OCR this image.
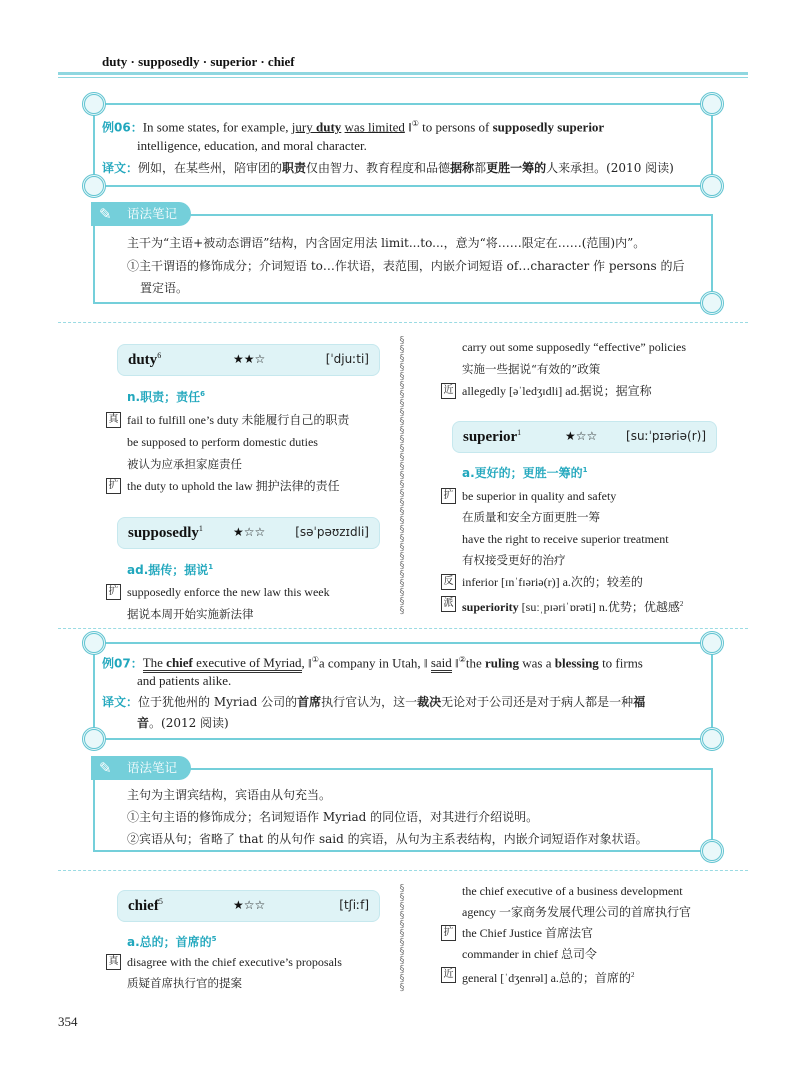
duty · supposedly · superior · chief
例06：In some states, for example, jury duty was limited ‖① to persons of supposedly superior
intelligence, education, and moral character.
译文：例如，在某些州，陪审团的职责仅由智力、教育程度和品德据称都更胜一筹的人来承担。(2010 阅读)
✎	语法笔记
主干为“主语+被动态谓语”结构，内含固定用法 limit...to...，意为“将……限定在……(范围)内”。
①主干谓语的修饰成分；介词短语 to…作状语，表范围，内嵌介词短语 of…character 作 persons 的后
置定语。
§
§
§
§
§
§
§
§
§
§
§
§
§
§
§
§
§
§
§
§
§
§
§
§
§
§
§
§
§
§
§
duty$^6$	★★☆	[ˈdjuːti]
n.职责；责任$^6$
真 fail to fulfill one’s duty 未能履行自己的职责
be supposed to perform domestic duties
被认为应承担家庭责任
扩 the duty to uphold the law 拥护法律的责任
supposedly$^1$	★☆☆ [səˈpəʊzɪdli]
ad.据传；据说$^1$
扩 supposedly enforce the new law this week
据说本周开始实施新法律
carry out some supposedly “effective” policies
实施一些据说“有效的”政策
近 allegedly [əˈledʒɪdli] ad.据说；据宣称
superior$^1$	★☆☆ [suːˈpɪəriə(r)]
a.更好的；更胜一筹的$^1$
扩 be superior in quality and safety
在质量和安全方面更胜一筹
have the right to receive superior treatment
有权接受更好的治疗
反 inferior [ɪnˈfɪəriə(r)] a.次的；较差的
派 superiority [suːˌpɪəriˈɒrəti] n.优势；优越感$^2$
例07：The chief executive of Myriad, ‖①a company in Utah, ‖ said ‖②the ruling was a blessing to firms
and patients alike.
译文：位于犹他州的 Myriad 公司的首席执行官认为，这一裁决无论对于公司还是对于病人都是一种福
音。(2012 阅读)
✎	语法笔记
主句为主谓宾结构，宾语由从句充当。
①主句主语的修饰成分；名词短语作 Myriad 的同位语，对其进行介绍说明。
②宾语从句；省略了 that 的从句作 said 的宾语，从句为主系表结构，内嵌介词短语作对象状语。
§
§
§
§
§
§
§
§
§
§
§
§
chief$^5$	★☆☆	[tʃiːf]
a.总的；首席的$^5$
真 disagree with the chief executive’s proposals
质疑首席执行官的提案
the chief executive of a business development
agency 一家商务发展代理公司的首席执行官
扩 the Chief Justice 首席法官
commander in chief 总司令
近 general [ˈdʒenrəl] a.总的；首席的$^2$
354
